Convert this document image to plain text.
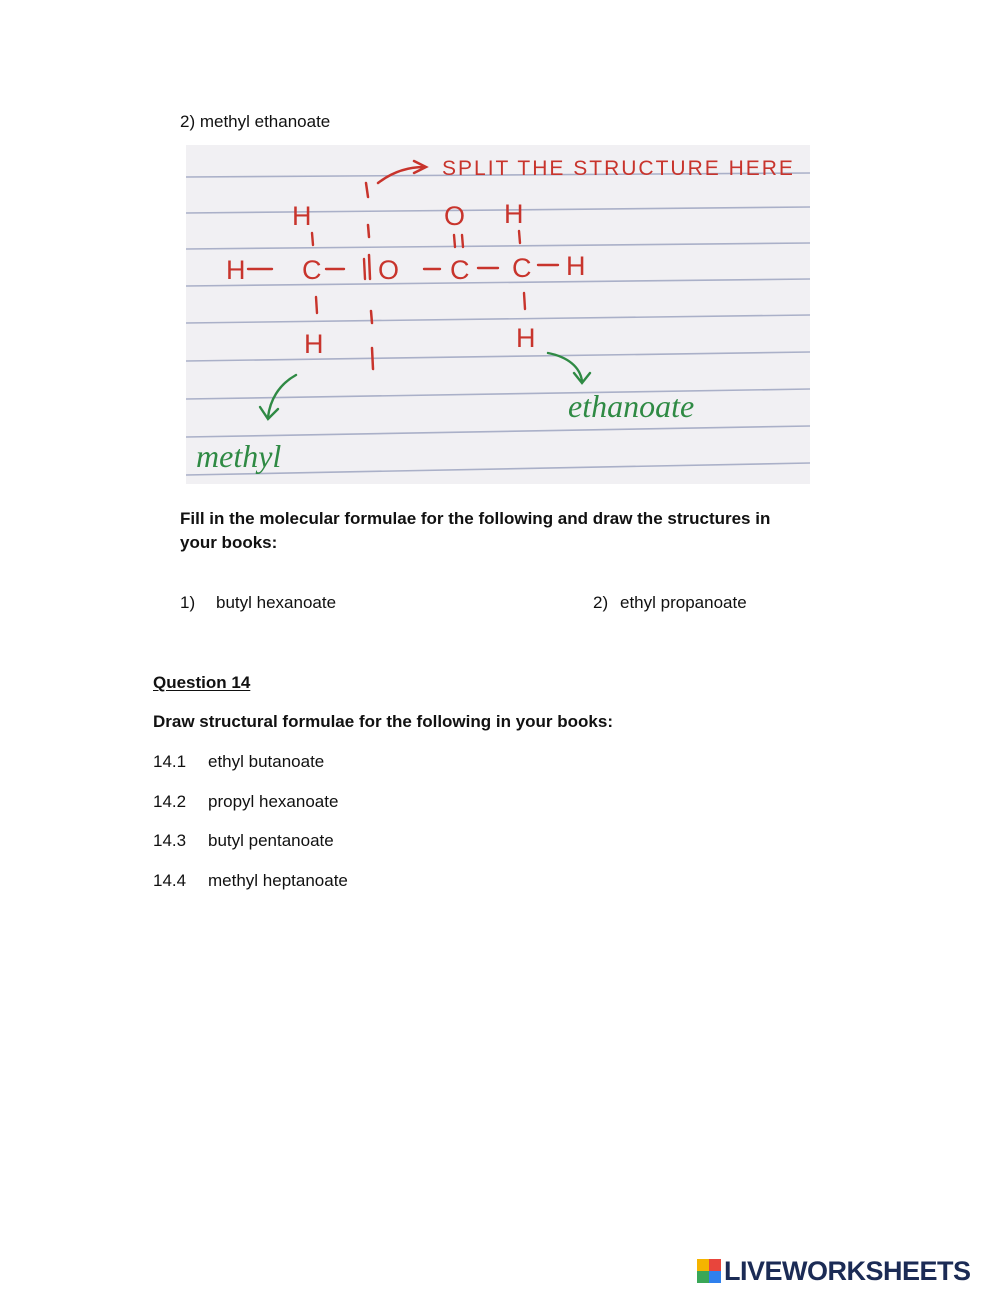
2) methyl ethanoate
SPLIT THE STRUCTURE HERE
H	O H
H C O C C H
H	H
methyl
ethanoate
Fill in the molecular formulae for the following and draw the structures in
your books:
1) butyl hexanoate	2) ethyl propanoate
Question 14
Draw structural formulae for the following in your books:
14.1 ethyl butanoate
14.2 propyl hexanoate
14.3 butyl pentanoate
14.4 methyl heptanoate
LIVEWORKSHEETS
